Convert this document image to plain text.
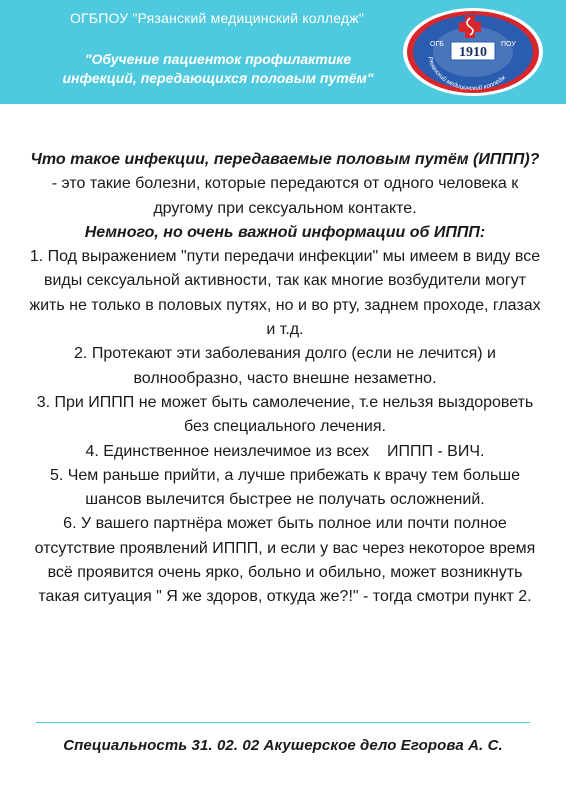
ОГБПОУ "Рязанский медицинский колледж"
"Обучение пациенток профилактике
инфекций, передающихся половым путём"
1910
ОГБ	ПОУ
Рязанский медицинский колледж

Что такое инфекции, передаваемые половым путём (ИППП)?

- это такие болезни, которые передаются от одного человека к другому при сексуальном контакте.

Немного, но очень важной информации об ИППП:

1. Под выражением "пути передачи инфекции" мы имеем в виду все виды сексуальной активности, так как многие возбудители могут жить не только в половых путях, но и во рту, заднем проходе, глазах и т.д.

2. Протекают эти заболевания долго (если не лечится) и волнообразно, часто внешне незаметно.

3. При ИППП не может быть самолечение, т.е нельзя выздороветь без специального лечения.

4. Единственное неизлечимое из всех    ИППП - ВИЧ.

5. Чем раньше прийти, а лучше прибежать к врачу тем больше шансов вылечится быстрее не получать осложнений.

6. У вашего партнёра может быть полное или почти полное отсутствие проявлений ИППП, и если у вас через некоторое время всё проявится очень ярко, больно и обильно, может возникнуть такая ситуация " Я же здоров, откуда же?!" - тогда смотри пункт 2.

Специальность 31. 02. 02 Акушерское дело Егорова А. С.
